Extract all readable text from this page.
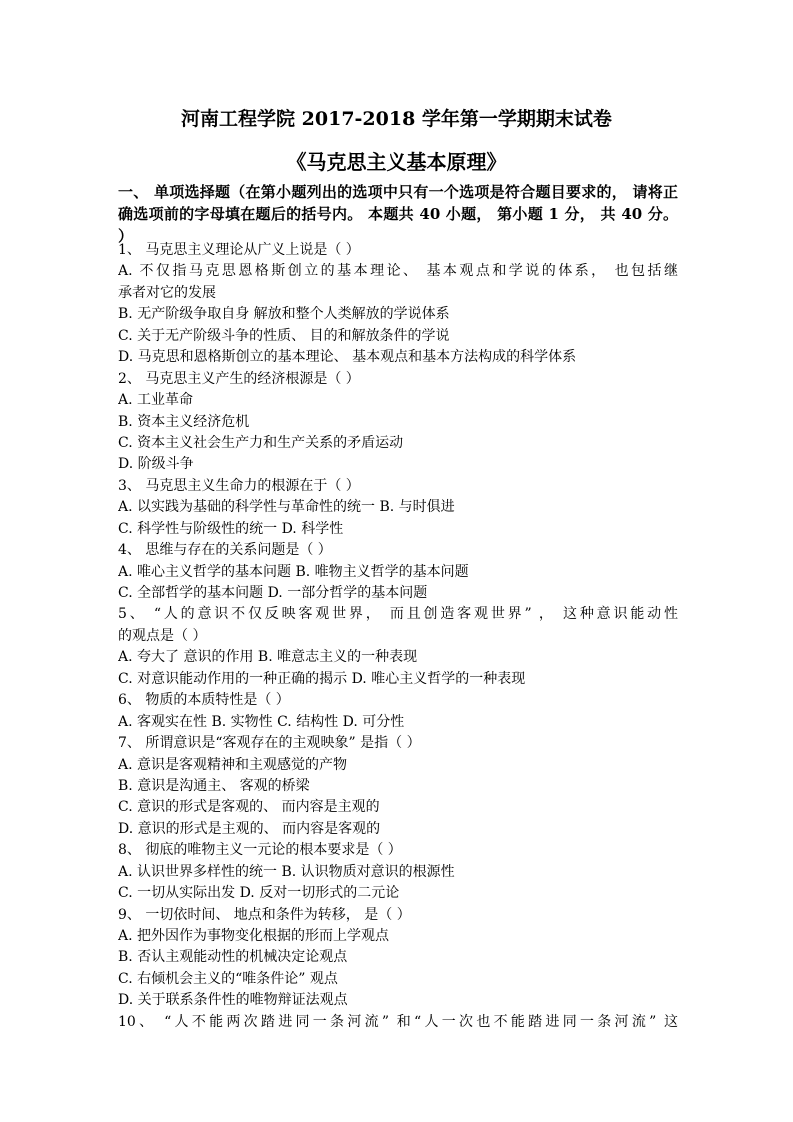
河南工程学院 2017-2018 学年第一学期期末试卷
《马克思主义基本原理》
一、 单项选择题（在第小题列出的选项中只有一个选项是符合题目要求的， 请将正确选项前的字母填在题后的括号内。 本题共 40 小题， 第小题 1 分， 共 40 分。 ）
1、 马克思主义理论从广义上说是（ ）
A. 不仅指马克思恩格斯创立的基本理论、 基本观点和学说的体系， 也包括继
承者对它的发展
B. 无产阶级争取自身 解放和整个人类解放的学说体系
C. 关于无产阶级斗争的性质、 目的和解放条件的学说
D. 马克思和恩格斯创立的基本理论、 基本观点和基本方法构成的科学体系
2、 马克思主义产生的经济根源是（ ）
A. 工业革命
B. 资本主义经济危机
C. 资本主义社会生产力和生产关系的矛盾运动
D. 阶级斗争
3、 马克思主义生命力的根源在于（ ）
A. 以实践为基础的科学性与革命性的统一 B. 与时俱进
C. 科学性与阶级性的统一 D. 科学性
4、 思维与存在的关系问题是（ ）
A. 唯心主义哲学的基本问题 B. 唯物主义哲学的基本问题
C. 全部哲学的基本问题 D. 一部分哲学的基本问题
5、 “人的意识不仅反映客观世界， 而且创造客观世界” ， 这种意识能动性
的观点是（ ）
A. 夸大了 意识的作用 B. 唯意志主义的一种表现
C. 对意识能动作用的一种正确的揭示 D. 唯心主义哲学的一种表现
6、 物质的本质特性是（ ）
A. 客观实在性 B. 实物性 C. 结构性 D. 可分性
7、 所谓意识是“客观存在的主观映象” 是指（ ）
A. 意识是客观精神和主观感觉的产物
B. 意识是沟通主、 客观的桥梁
C. 意识的形式是客观的、 而内容是主观的
D. 意识的形式是主观的、 而内容是客观的
8、 彻底的唯物主义一元论的根本要求是（ ）
A. 认识世界多样性的统一 B. 认识物质对意识的根源性
C. 一切从实际出发 D. 反对一切形式的二元论
9、 一切依时间、 地点和条件为转移， 是（ ）
A. 把外因作为事物变化根据的形而上学观点
B. 否认主观能动性的机械决定论观点
C. 右倾机会主义的“唯条件论” 观点
D. 关于联系条件性的唯物辩证法观点
10、 “人不能两次踏进同一条河流” 和“人一次也不能踏进同一条河流” 这
